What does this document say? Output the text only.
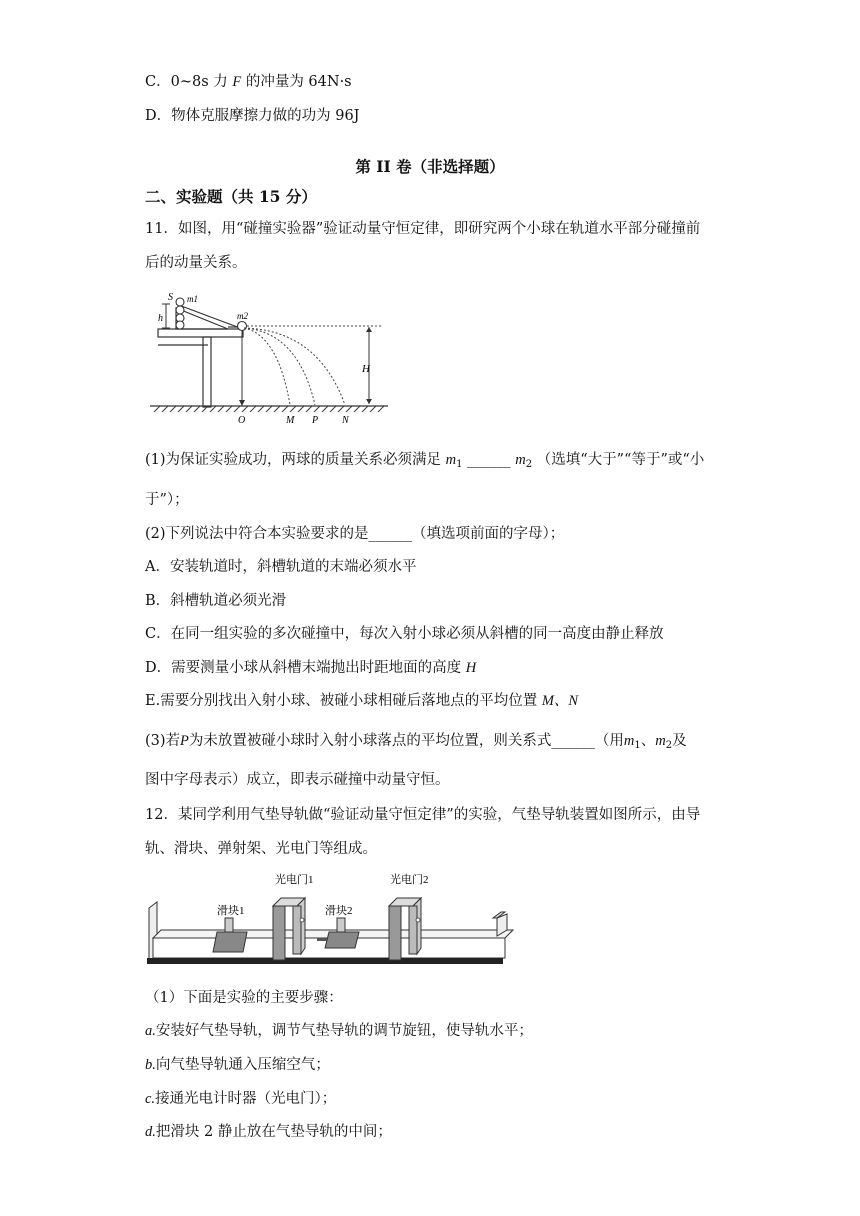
C．0~8s 力 F 的冲量为 64N·s
D．物体克服摩擦力做的功为 96J
第 II 卷（非选择题）
二、实验题（共 15 分）
11．如图，用“碰撞实验器”验证动量守恒定律，即研究两个小球在轨道水平部分碰撞前
后的动量关系。
h
S m1
m2
H
O	M P N
(1)为保证实验成功，两球的质量关系必须满足 $m_1$ ______ $m_2$ （选填“大于”“等于”或“小
于”）；
(2)下列说法中符合本实验要求的是______（填选项前面的字母）；
A．安装轨道时，斜槽轨道的末端必须水平
B．斜槽轨道必须光滑
C．在同一组实验的多次碰撞中，每次入射小球必须从斜槽的同一高度由静止释放
D．需要测量小球从斜槽末端抛出时距地面的高度 H
E.需要分别找出入射小球、被碰小球相碰后落地点的平均位置 M、N
(3)若P为未放置被碰小球时入射小球落点的平均位置，则关系式______（用$m_1$、$m_2$及
图中字母表示）成立，即表示碰撞中动量守恒。
12．某同学利用气垫导轨做“验证动量守恒定律”的实验，气垫导轨装置如图所示，由导
轨、滑块、弹射架、光电门等组成。
光电门1	光电门2
滑块1	滑块2
（1）下面是实验的主要步骤：
a.安装好气垫导轨，调节气垫导轨的调节旋钮，使导轨水平；
b.向气垫导轨通入压缩空气；
c.接通光电计时器（光电门）；
d.把滑块 2 静止放在气垫导轨的中间；
